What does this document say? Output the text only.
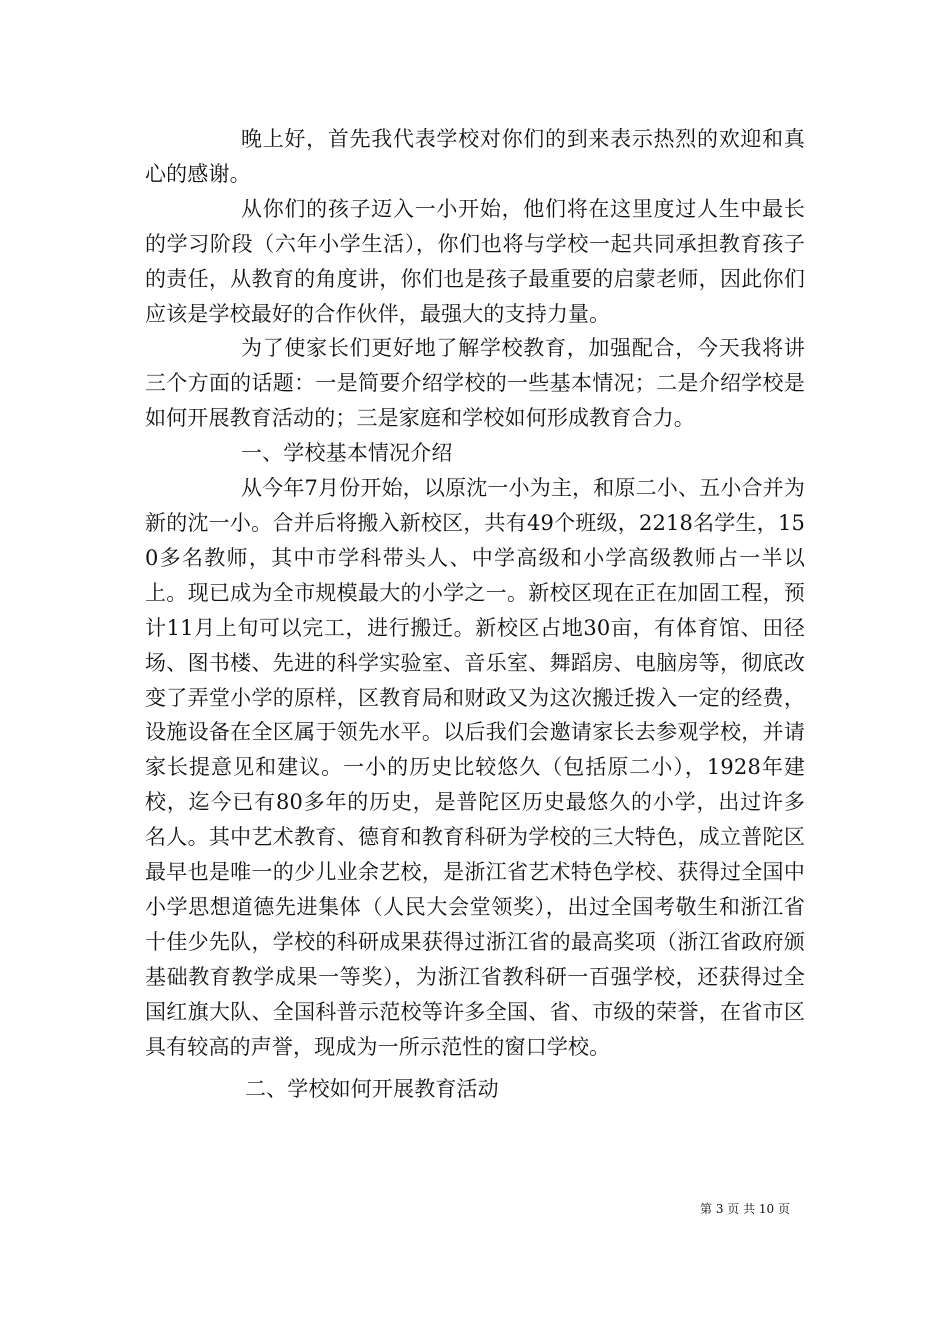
晚上好，首先我代表学校对你们的到来表示热烈的欢迎和真心的感谢。

从你们的孩子迈入一小开始，他们将在这里度过人生中最长的学习阶段（六年小学生活），你们也将与学校一起共同承担教育孩子的责任，从教育的角度讲，你们也是孩子最重要的启蒙老师，因此你们应该是学校最好的合作伙伴，最强大的支持力量。

为了使家长们更好地了解学校教育，加强配合，今天我将讲三个方面的话题：一是简要介绍学校的一些基本情况；二是介绍学校是如何开展教育活动的；三是家庭和学校如何形成教育合力。

一、学校基本情况介绍

从今年7月份开始，以原沈一小为主，和原二小、五小合并为新的沈一小。合并后将搬入新校区，共有49个班级，2218名学生，150多名教师，其中市学科带头人、中学高级和小学高级教师占一半以上。现已成为全市规模最大的小学之一。新校区现在正在加固工程，预计11月上旬可以完工，进行搬迁。新校区占地30亩，有体育馆、田径场、图书楼、先进的科学实验室、音乐室、舞蹈房、电脑房等，彻底改变了弄堂小学的原样，区教育局和财政又为这次搬迁拨入一定的经费，设施设备在全区属于领先水平。以后我们会邀请家长去参观学校，并请家长提意见和建议。一小的历史比较悠久（包括原二小），1928年建校，迄今已有80多年的历史，是普陀区历史最悠久的小学，出过许多名人。其中艺术教育、德育和教育科研为学校的三大特色，成立普陀区最早也是唯一的少儿业余艺校，是浙江省艺术特色学校、获得过全国中小学思想道德先进集体（人民大会堂领奖），出过全国考敬生和浙江省十佳少先队，学校的科研成果获得过浙江省的最高奖项（浙江省政府颁基础教育教学成果一等奖），为浙江省教科研一百强学校，还获得过全国红旗大队、全国科普示范校等许多全国、省、市级的荣誉，在省市区具有较高的声誉，现成为一所示范性的窗口学校。

二、学校如何开展教育活动

第 3 页 共 10 页
